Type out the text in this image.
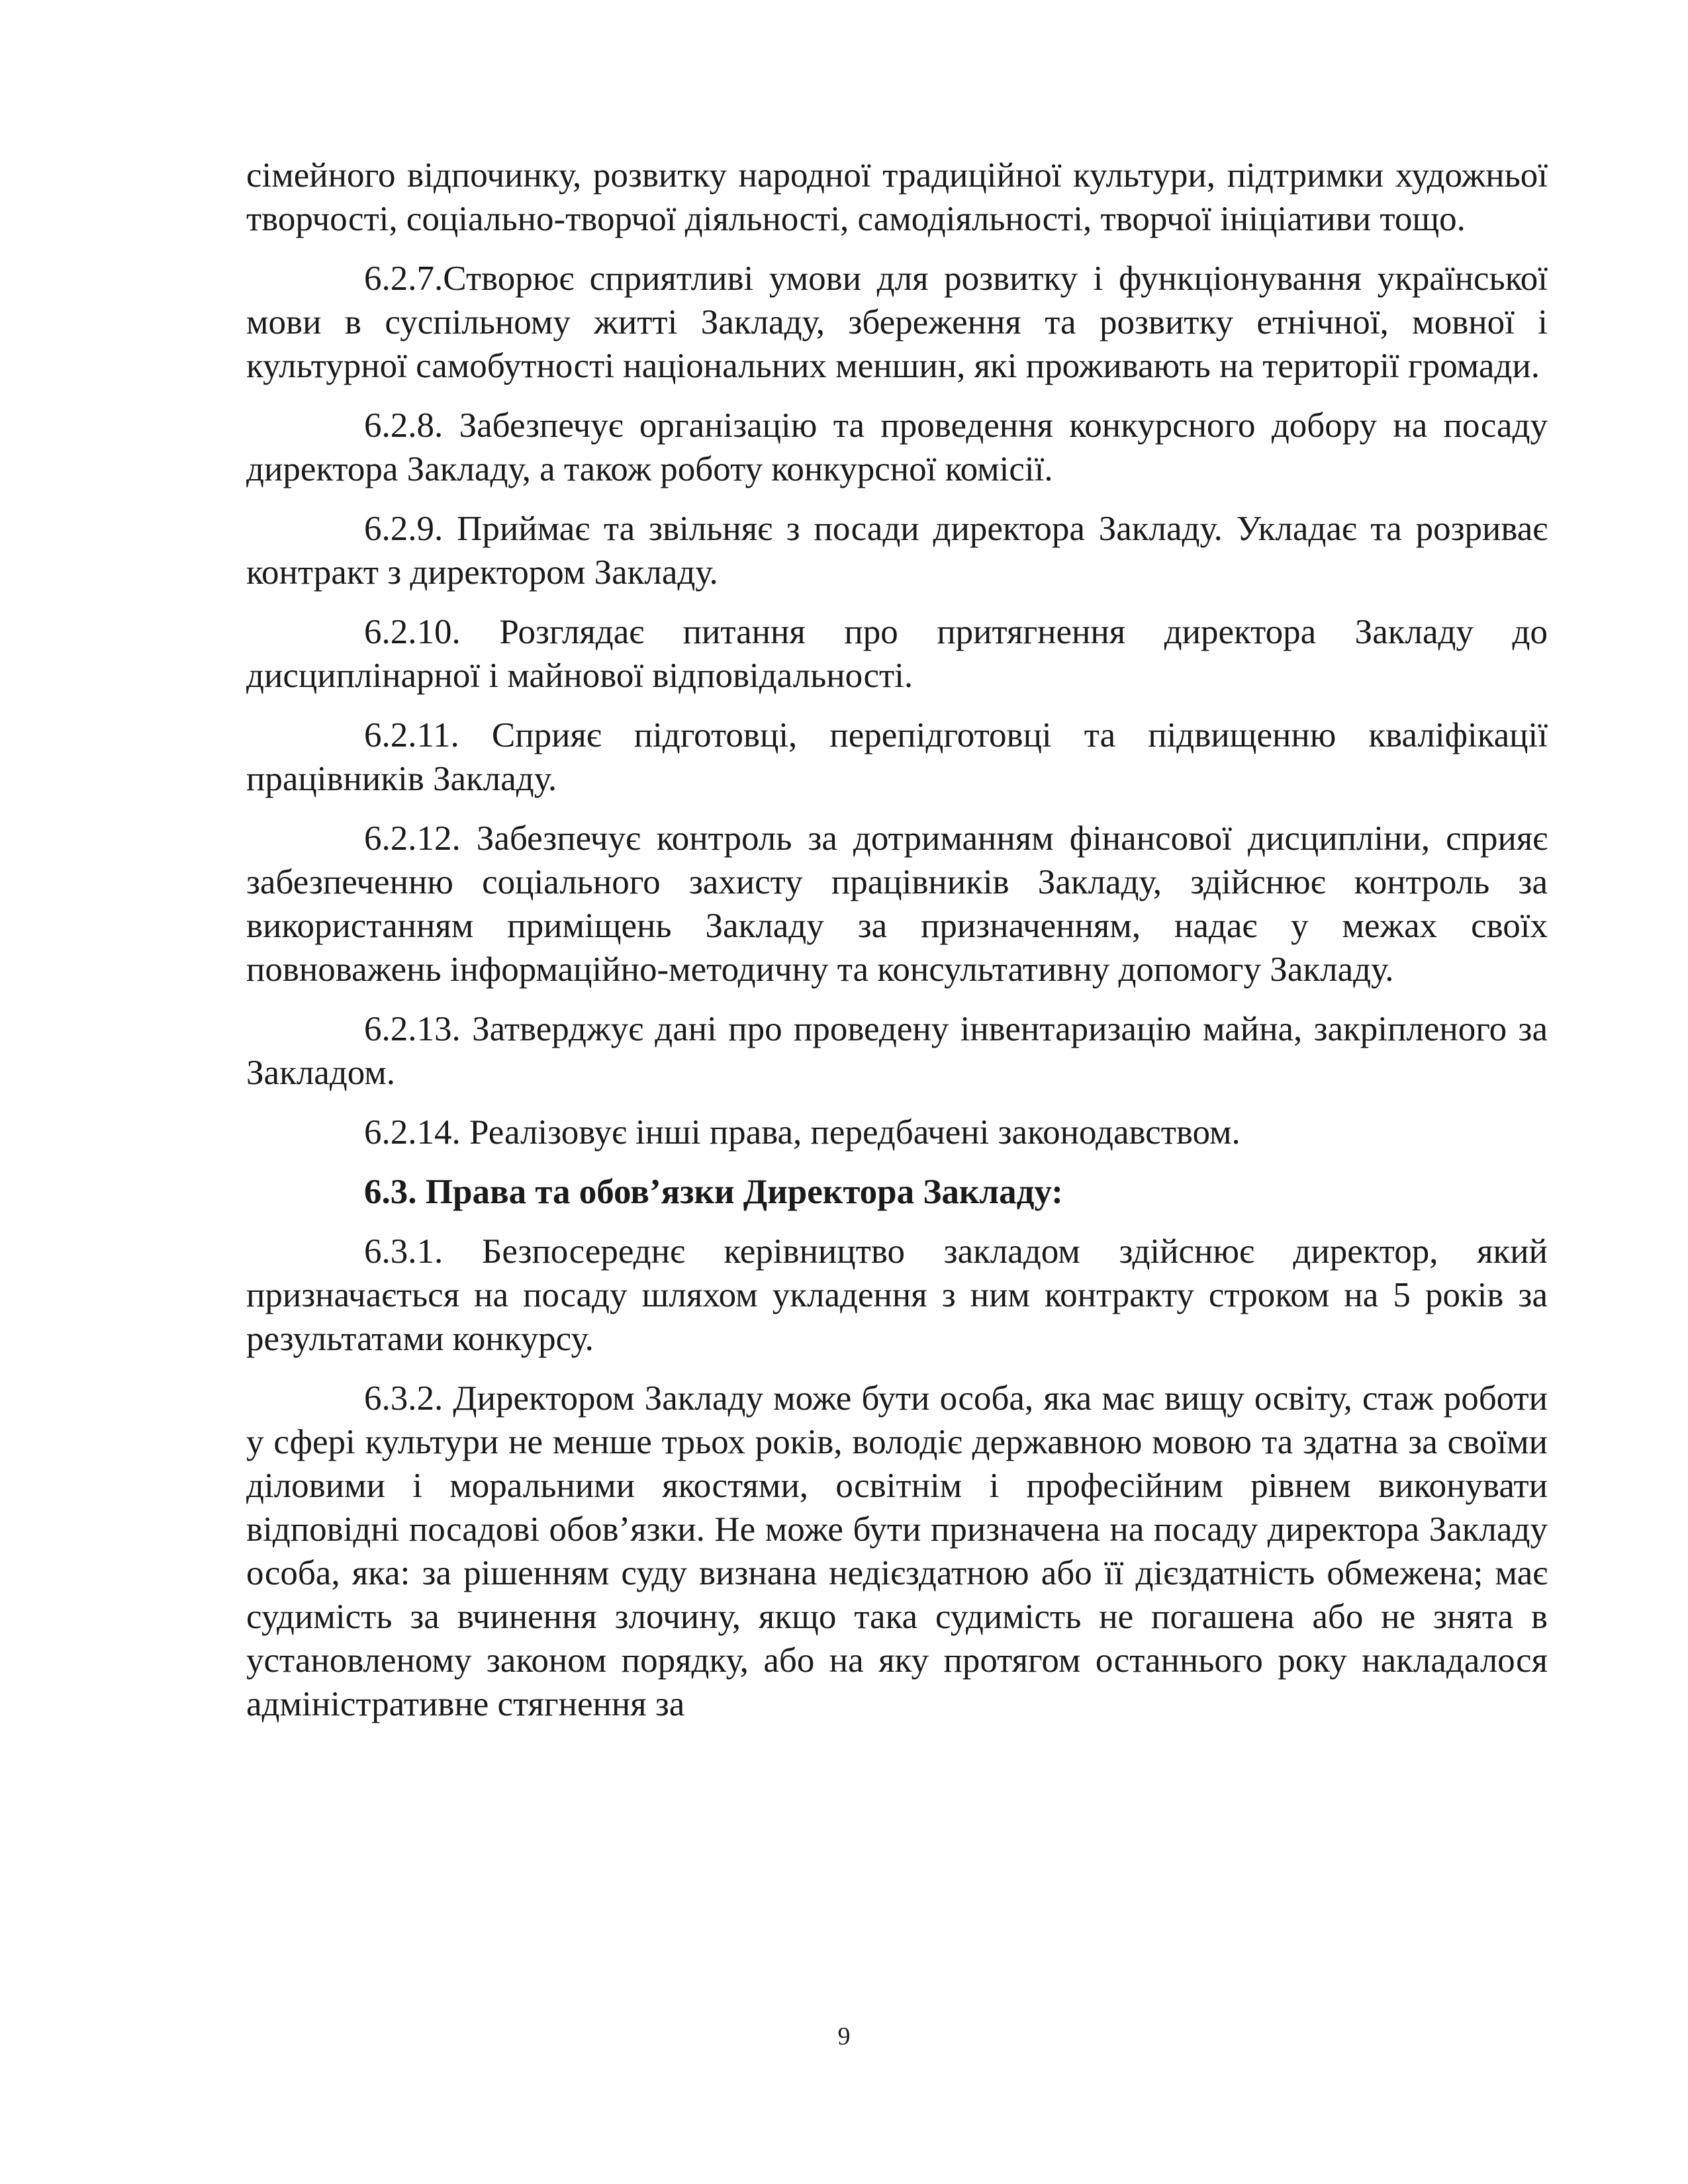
сімейного відпочинку, розвитку народної традиційної культури, підтримки художньої творчості, соціально-творчої діяльності, самодіяльності, творчої ініціативи тощо.

6.2.7.Створює сприятливі умови для розвитку і функціонування української мови в суспільному житті Закладу, збереження та розвитку етнічної, мовної і культурної самобутності національних меншин, які проживають на території громади.

6.2.8. Забезпечує організацію та проведення конкурсного добору на посаду директора Закладу, а також роботу конкурсної комісії.

6.2.9. Приймає та звільняє з посади директора Закладу. Укладає та розриває контракт з директором Закладу.

6.2.10. Розглядає питання про притягнення директора Закладу до дисциплінарної і майнової відповідальності.

6.2.11. Сприяє підготовці, перепідготовці та підвищенню кваліфікації працівників Закладу.

6.2.12. Забезпечує контроль за дотриманням фінансової дисципліни, сприяє забезпеченню соціального захисту працівників Закладу, здійснює контроль за використанням приміщень Закладу за призначенням, надає у межах своїх повноважень інформаційно-методичну та консультативну допомогу Закладу.

6.2.13. Затверджує дані про проведену інвентаризацію майна, закріпленого за Закладом.

6.2.14. Реалізовує інші права, передбачені законодавством.

6.3. Права та обов’язки Директора Закладу:

6.3.1. Безпосереднє керівництво закладом здійснює директор, який призначається на посаду шляхом укладення з ним контракту строком на 5 років за результатами конкурсу.

6.3.2. Директором Закладу може бути особа, яка має вищу освіту, стаж роботи у сфері культури не менше трьох років, володіє державною мовою та здатна за своїми діловими і моральними якостями, освітнім і професійним рівнем виконувати відповідні посадові обов’язки. Не може бути призначена на посаду директора Закладу особа, яка: за рішенням суду визнана недієздатною або її дієздатність обмежена; має судимість за вчинення злочину, якщо така судимість не погашена або не знята в установленому законом порядку, або на яку протягом останнього року накладалося адміністративне стягнення за

9
